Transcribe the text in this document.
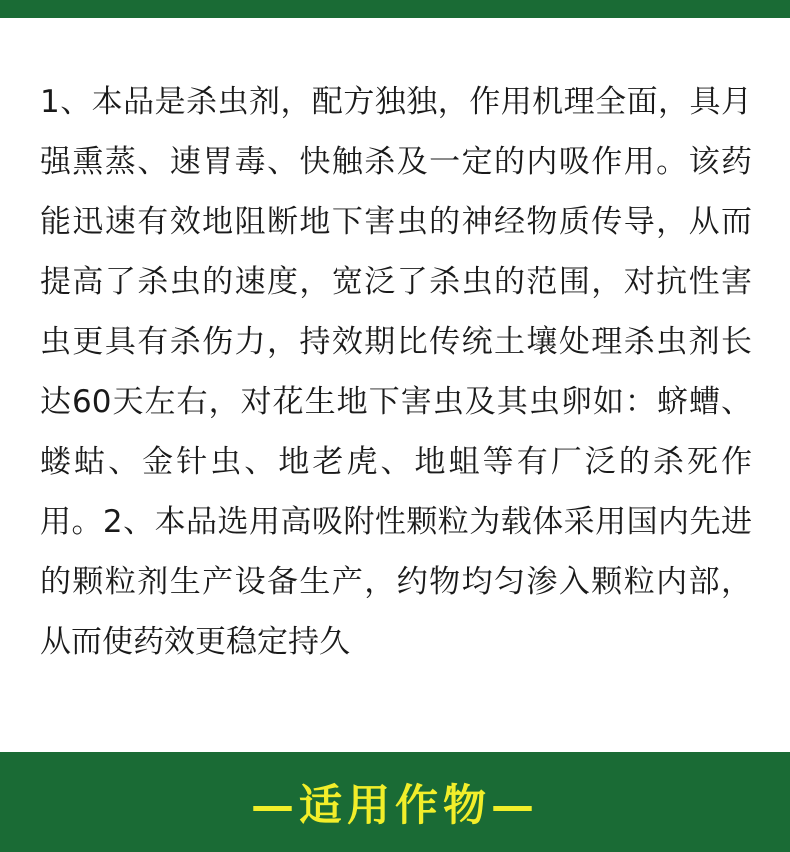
1、本品是杀虫剂，配方独独，作用机理全面，具月强熏蒸、速胃毒、快触杀及一定的内吸作用。该药能迅速有效地阻断地下害虫的神经物质传导，从而提高了杀虫的速度，宽泛了杀虫的范围，对抗性害虫更具有杀伤力，持效期比传统土壤处理杀虫剂长达60天左右，对花生地下害虫及其虫卵如：蛴螬、蝼蛄、金针虫、地老虎、地蛆等有厂泛的杀死作用。2、本品选用高吸附性颗粒为载体采用国内先进的颗粒剂生产设备生产，约物均匀渗入颗粒内部，从而使药效更稳定持久
—适用作物—
